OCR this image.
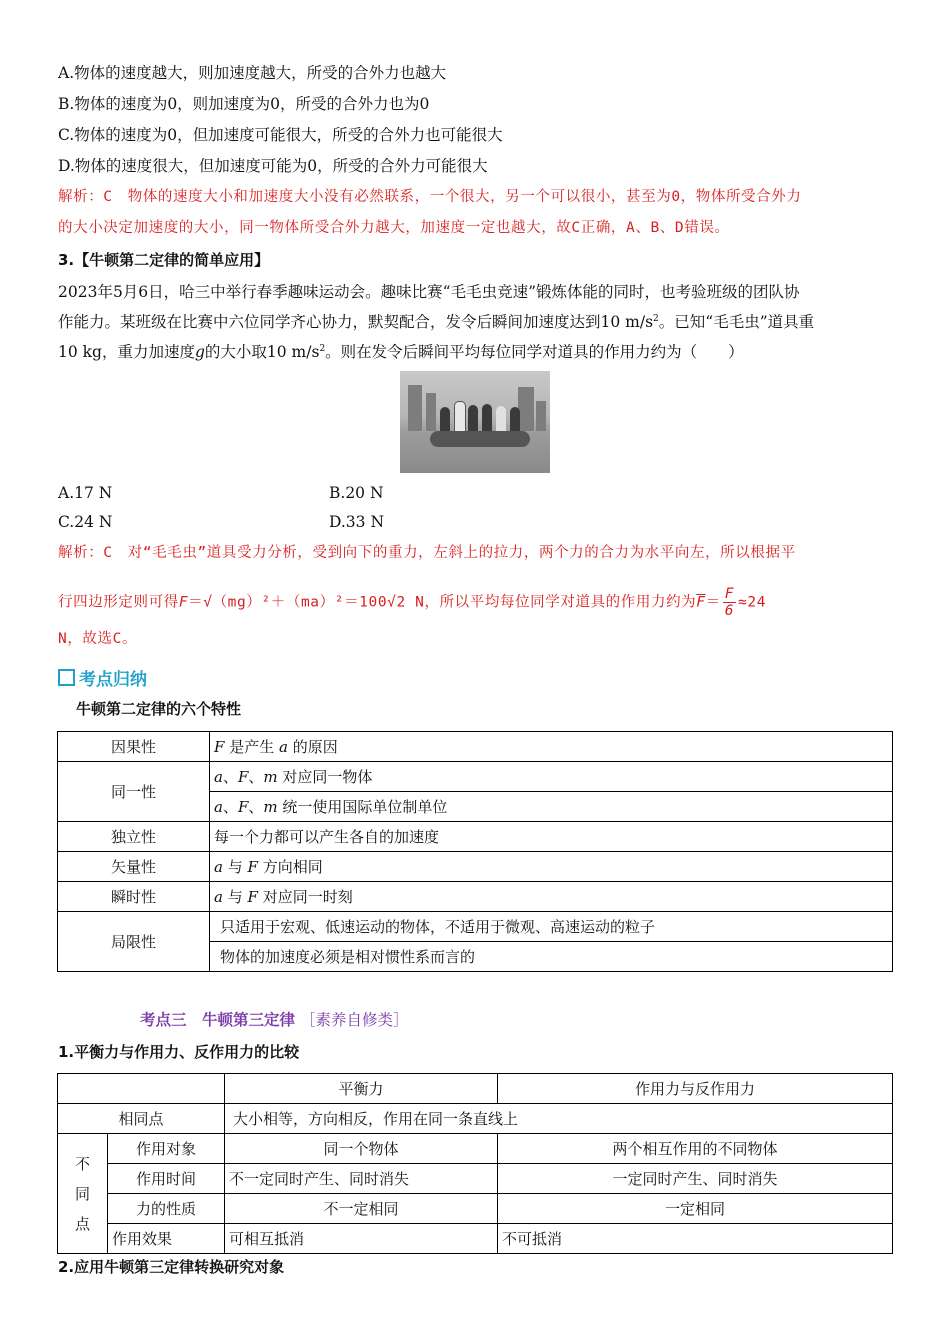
A.物体的速度越大，则加速度越大，所受的合外力也越大
B.物体的速度为0，则加速度为0，所受的合外力也为0
C.物体的速度为0，但加速度可能很大，所受的合外力也可能很大
D.物体的速度很大，但加速度可能为0，所受的合外力可能很大
解析：C　物体的速度大小和加速度大小没有必然联系，一个很大，另一个可以很小，甚至为0，物体所受合外力
的大小决定加速度的大小，同一物体所受合外力越大，加速度一定也越大，故C正确，A、B、D错误。
3.【牛顿第二定律的简单应用】
2023年5月6日，哈三中举行春季趣味运动会。趣味比赛“毛毛虫竞速”锻炼体能的同时，也考验班级的团队协
作能力。某班级在比赛中六位同学齐心协力，默契配合，发令后瞬间加速度达到10 $m/s^2$。已知“毛毛虫”道具重
10 kg，重力加速度g的大小取10 $m/s^2$。则在发令后瞬间平均每位同学对道具的作用力约为（　　）
A.17 N	B.20 N
C.24 N	D.33 N
解析：C　对“毛毛虫”道具受力分析，受到向下的重力，左斜上的拉力，两个力的合力为水平向左，所以根据平
行四边形定则可得F＝√（mg）²＋（ma）²＝100√2 N，所以平均每位同学对道具的作用力约为$\overline{F}= \frac{F}{6} \approx 24$
N，故选C。
考点归纳
牛顿第二定律的六个特性
因果性	F 是产生 a 的原因
同一性	a、F、m 对应同一物体
	a、F、m 统一使用国际单位制单位
独立性	每一个力都可以产生各自的加速度
矢量性	a 与 F 方向相同
瞬时性	a 与 F 对应同一时刻
局限性	只适用于宏观、低速运动的物体，不适用于微观、高速运动的粒子
	物体的加速度必须是相对惯性系而言的
考点三　牛顿第三定律 ［素养自修类］
1.平衡力与作用力、反作用力的比较
		平衡力	作用力与反作用力
相同点		大小相等，方向相反，作用在同一条直线上	
不
同
点	作用对象	同一个物体	两个相互作用的不同物体
	作用时间	不一定同时产生、同时消失	一定同时产生、同时消失
	力的性质	不一定相同	一定相同
	作用效果	可相互抵消	不可抵消
2.应用牛顿第三定律转换研究对象
